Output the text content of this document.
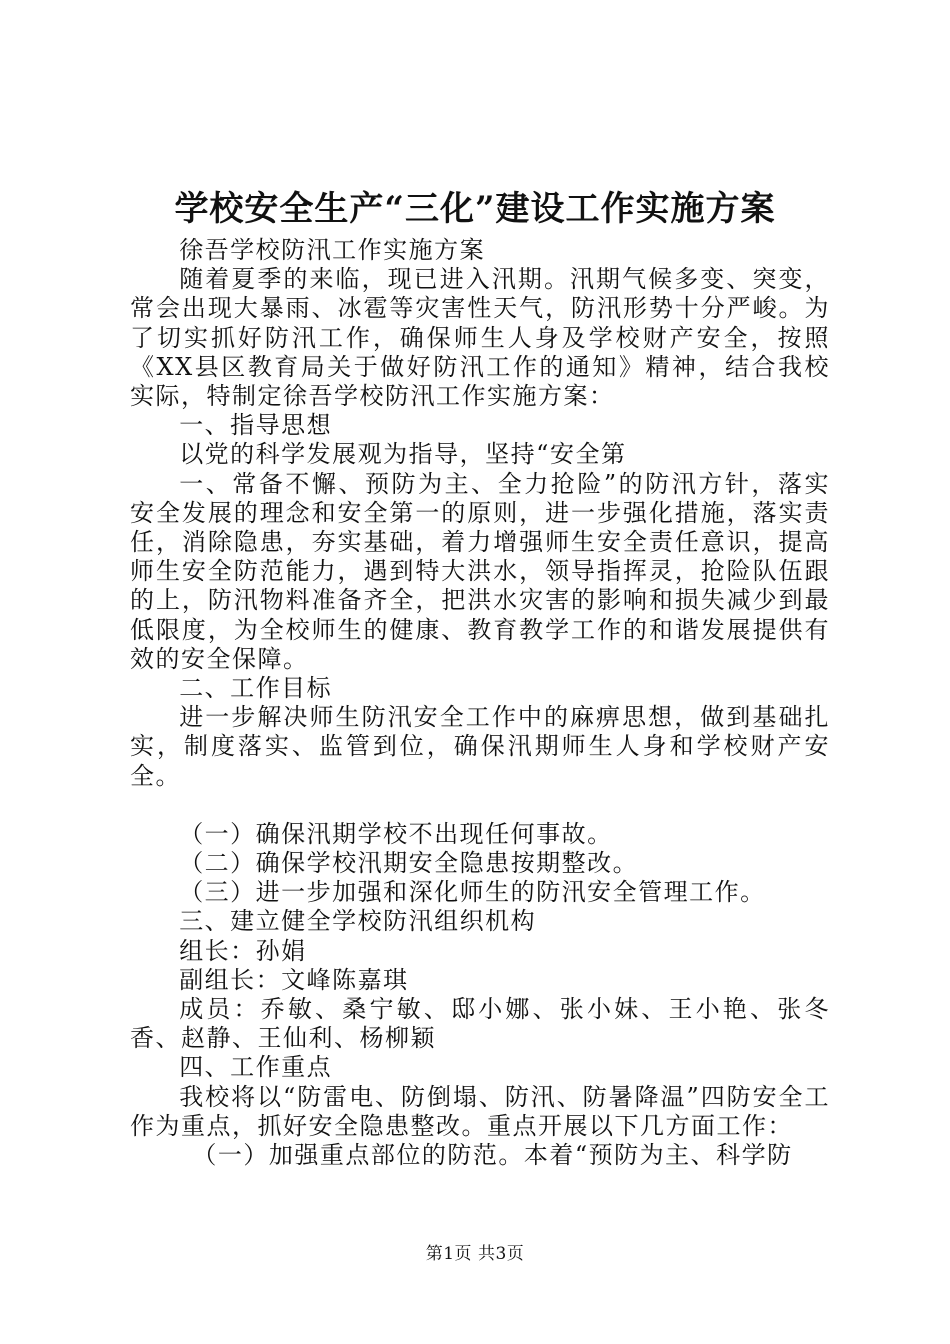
学校安全生产“三化”建设工作实施方案

徐吾学校防汛工作实施方案

随着夏季的来临，现已进入汛期。汛期气候多变、突变，常会出现大暴雨、冰雹等灾害性天气，防汛形势十分严峻。为了切实抓好防汛工作，确保师生人身及学校财产安全，按照《XX县区教育局关于做好防汛工作的通知》精神，结合我校实际，特制定徐吾学校防汛工作实施方案：

一、指导思想

以党的科学发展观为指导，坚持“安全第

一、常备不懈、预防为主、全力抢险”的防汛方针，落实安全发展的理念和安全第一的原则，进一步强化措施，落实责任，消除隐患，夯实基础，着力增强师生安全责任意识，提高师生安全防范能力，遇到特大洪水，领导指挥灵，抢险队伍跟的上，防汛物料准备齐全，把洪水灾害的影响和损失减少到最低限度，为全校师生的健康、教育教学工作的和谐发展提供有效的安全保障。

二、工作目标

进一步解决师生防汛安全工作中的麻痹思想，做到基础扎实，制度落实、监管到位，确保汛期师生人身和学校财产安全。

（一）确保汛期学校不出现任何事故。

（二）确保学校汛期安全隐患按期整改。

（三）进一步加强和深化师生的防汛安全管理工作。

三、建立健全学校防汛组织机构

组长：孙娟

副组长：文峰陈嘉琪

成员：乔敏、桑宁敏、邸小娜、张小妹、王小艳、张冬香、赵静、王仙利、杨柳颖

四、工作重点

我校将以“防雷电、防倒塌、防汛、防暑降温”四防安全工作为重点，抓好安全隐患整改。重点开展以下几方面工作：

（一）加强重点部位的防范。本着“预防为主、科学防

第1页 共3页
